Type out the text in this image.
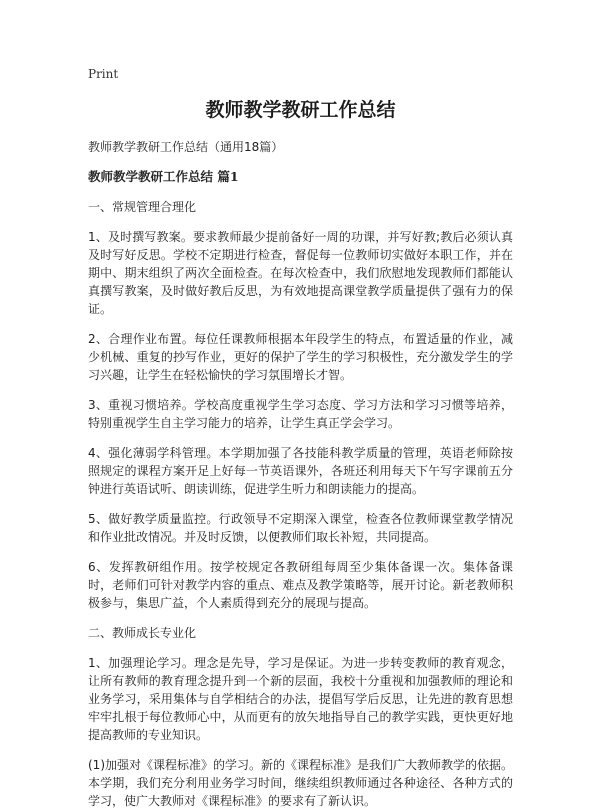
Print
教师教学教研工作总结
教师教学教研工作总结（通用18篇）
教师教学教研工作总结 篇1
一、常规管理合理化

1、及时撰写教案。要求教师最少提前备好一周的功课，并写好教;教后必须认真及时写好反思。学校不定期进行检查，督促每一位教师切实做好本职工作，并在期中、期末组织了两次全面检查。在每次检查中，我们欣慰地发现教师们都能认真撰写教案，及时做好教后反思，为有效地提高课堂教学质量提供了强有力的保证。

2、合理作业布置。每位任课教师根据本年段学生的特点，布置适量的作业，减少机械、重复的抄写作业，更好的保护了学生的学习积极性，充分激发学生的学习兴趣，让学生在轻松愉快的学习氛围增长才智。

3、重视习惯培养。学校高度重视学生学习态度、学习方法和学习习惯等培养，特别重视学生自主学习能力的培养，让学生真正学会学习。

4、强化薄弱学科管理。本学期加强了各技能科教学质量的管理，英语老师除按照规定的课程方案开足上好每一节英语课外，各班还利用每天下午写字课前五分钟进行英语试听、朗读训练，促进学生听力和朗读能力的提高。

5、做好教学质量监控。行政领导不定期深入课堂，检查各位教师课堂教学情况和作业批改情况。并及时反馈，以便教师们取长补短，共同提高。

6、发挥教研组作用。按学校规定各教研组每周至少集体备课一次。集体备课时，老师们可针对教学内容的重点、难点及教学策略等，展开讨论。新老教师积极参与，集思广益，个人素质得到充分的展现与提高。

二、教师成长专业化

1、加强理论学习。理念是先导，学习是保证。为进一步转变教师的教育观念，让所有教师的教育理念提升到一个新的层面，我校十分重视和加强教师的理论和业务学习，采用集体与自学相结合的办法，提倡写学后反思，让先进的教育思想牢牢扎根于每位教师心中，从而更有的放矢地指导自己的教学实践，更快更好地提高教师的专业知识。

(1)加强对《课程标准》的学习。新的《课程标准》是我们广大教师教学的依据。本学期，我们充分利用业务学习时间，继续组织教师通过各种途径、各种方式的学习，使广大教师对《课程标准》的要求有了新认识。
